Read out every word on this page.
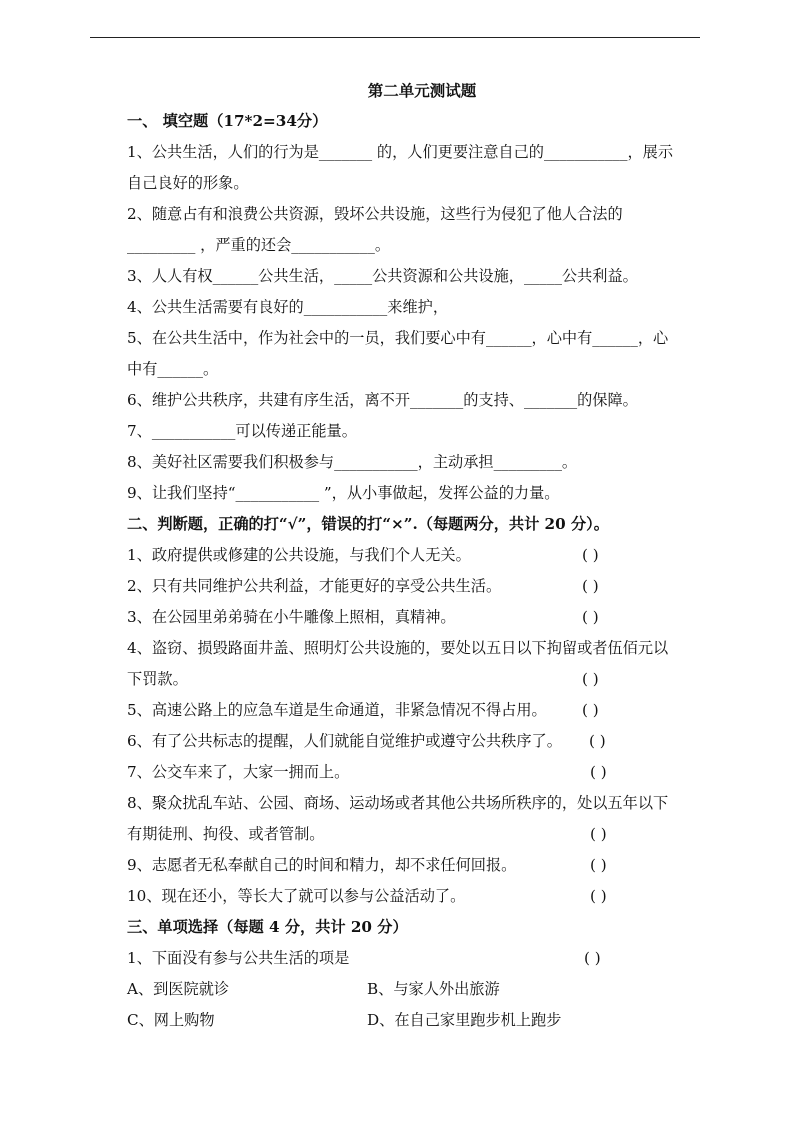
第二单元测试题
一、 填空题（17*2=34分）
1、公共生活，人们的行为是_______ 的，人们更要注意自己的___________，展示
自己良好的形象。
2、随意占有和浪费公共资源，毁坏公共设施，这些行为侵犯了他人合法的
_________ ，严重的还会___________。
3、人人有权______公共生活，_____公共资源和公共设施，_____公共利益。
4、公共生活需要有良好的___________来维护，
5、在公共生活中，作为社会中的一员，我们要心中有______，心中有______，心
中有______。
6、维护公共秩序，共建有序生活，离不开_______的支持、_______的保障。
7、___________可以传递正能量。
8、美好社区需要我们积极参与___________，主动承担_________。
9、让我们坚持“___________ ”，从小事做起，发挥公益的力量。
二、判断题，正确的打“√”，错误的打“×”.（每题两分，共计 20 分）。
1、政府提供或修建的公共设施，与我们个人无关。	( )
2、只有共同维护公共利益，才能更好的享受公共生活。	( )
3、在公园里弟弟骑在小牛雕像上照相，真精神。	( )
4、盗窃、损毁路面井盖、照明灯公共设施的，要处以五日以下拘留或者伍佰元以
下罚款。	( )
5、高速公路上的应急车道是生命通道，非紧急情况不得占用。 ( )
6、有了公共标志的提醒，人们就能自觉维护或遵守公共秩序了。 ( )
7、公交车来了，大家一拥而上。	( )
8、聚众扰乱车站、公园、商场、运动场或者其他公共场所秩序的，处以五年以下
有期徒刑、拘役、或者管制。	( )
9、志愿者无私奉献自己的时间和精力，却不求任何回报。	( )
10、现在还小，等长大了就可以参与公益活动了。	( )
三、单项选择（每题 4 分，共计 20 分）
1、下面没有参与公共生活的项是	( )
A、到医院就诊	B、与家人外出旅游
C、网上购物	D、在自己家里跑步机上跑步
